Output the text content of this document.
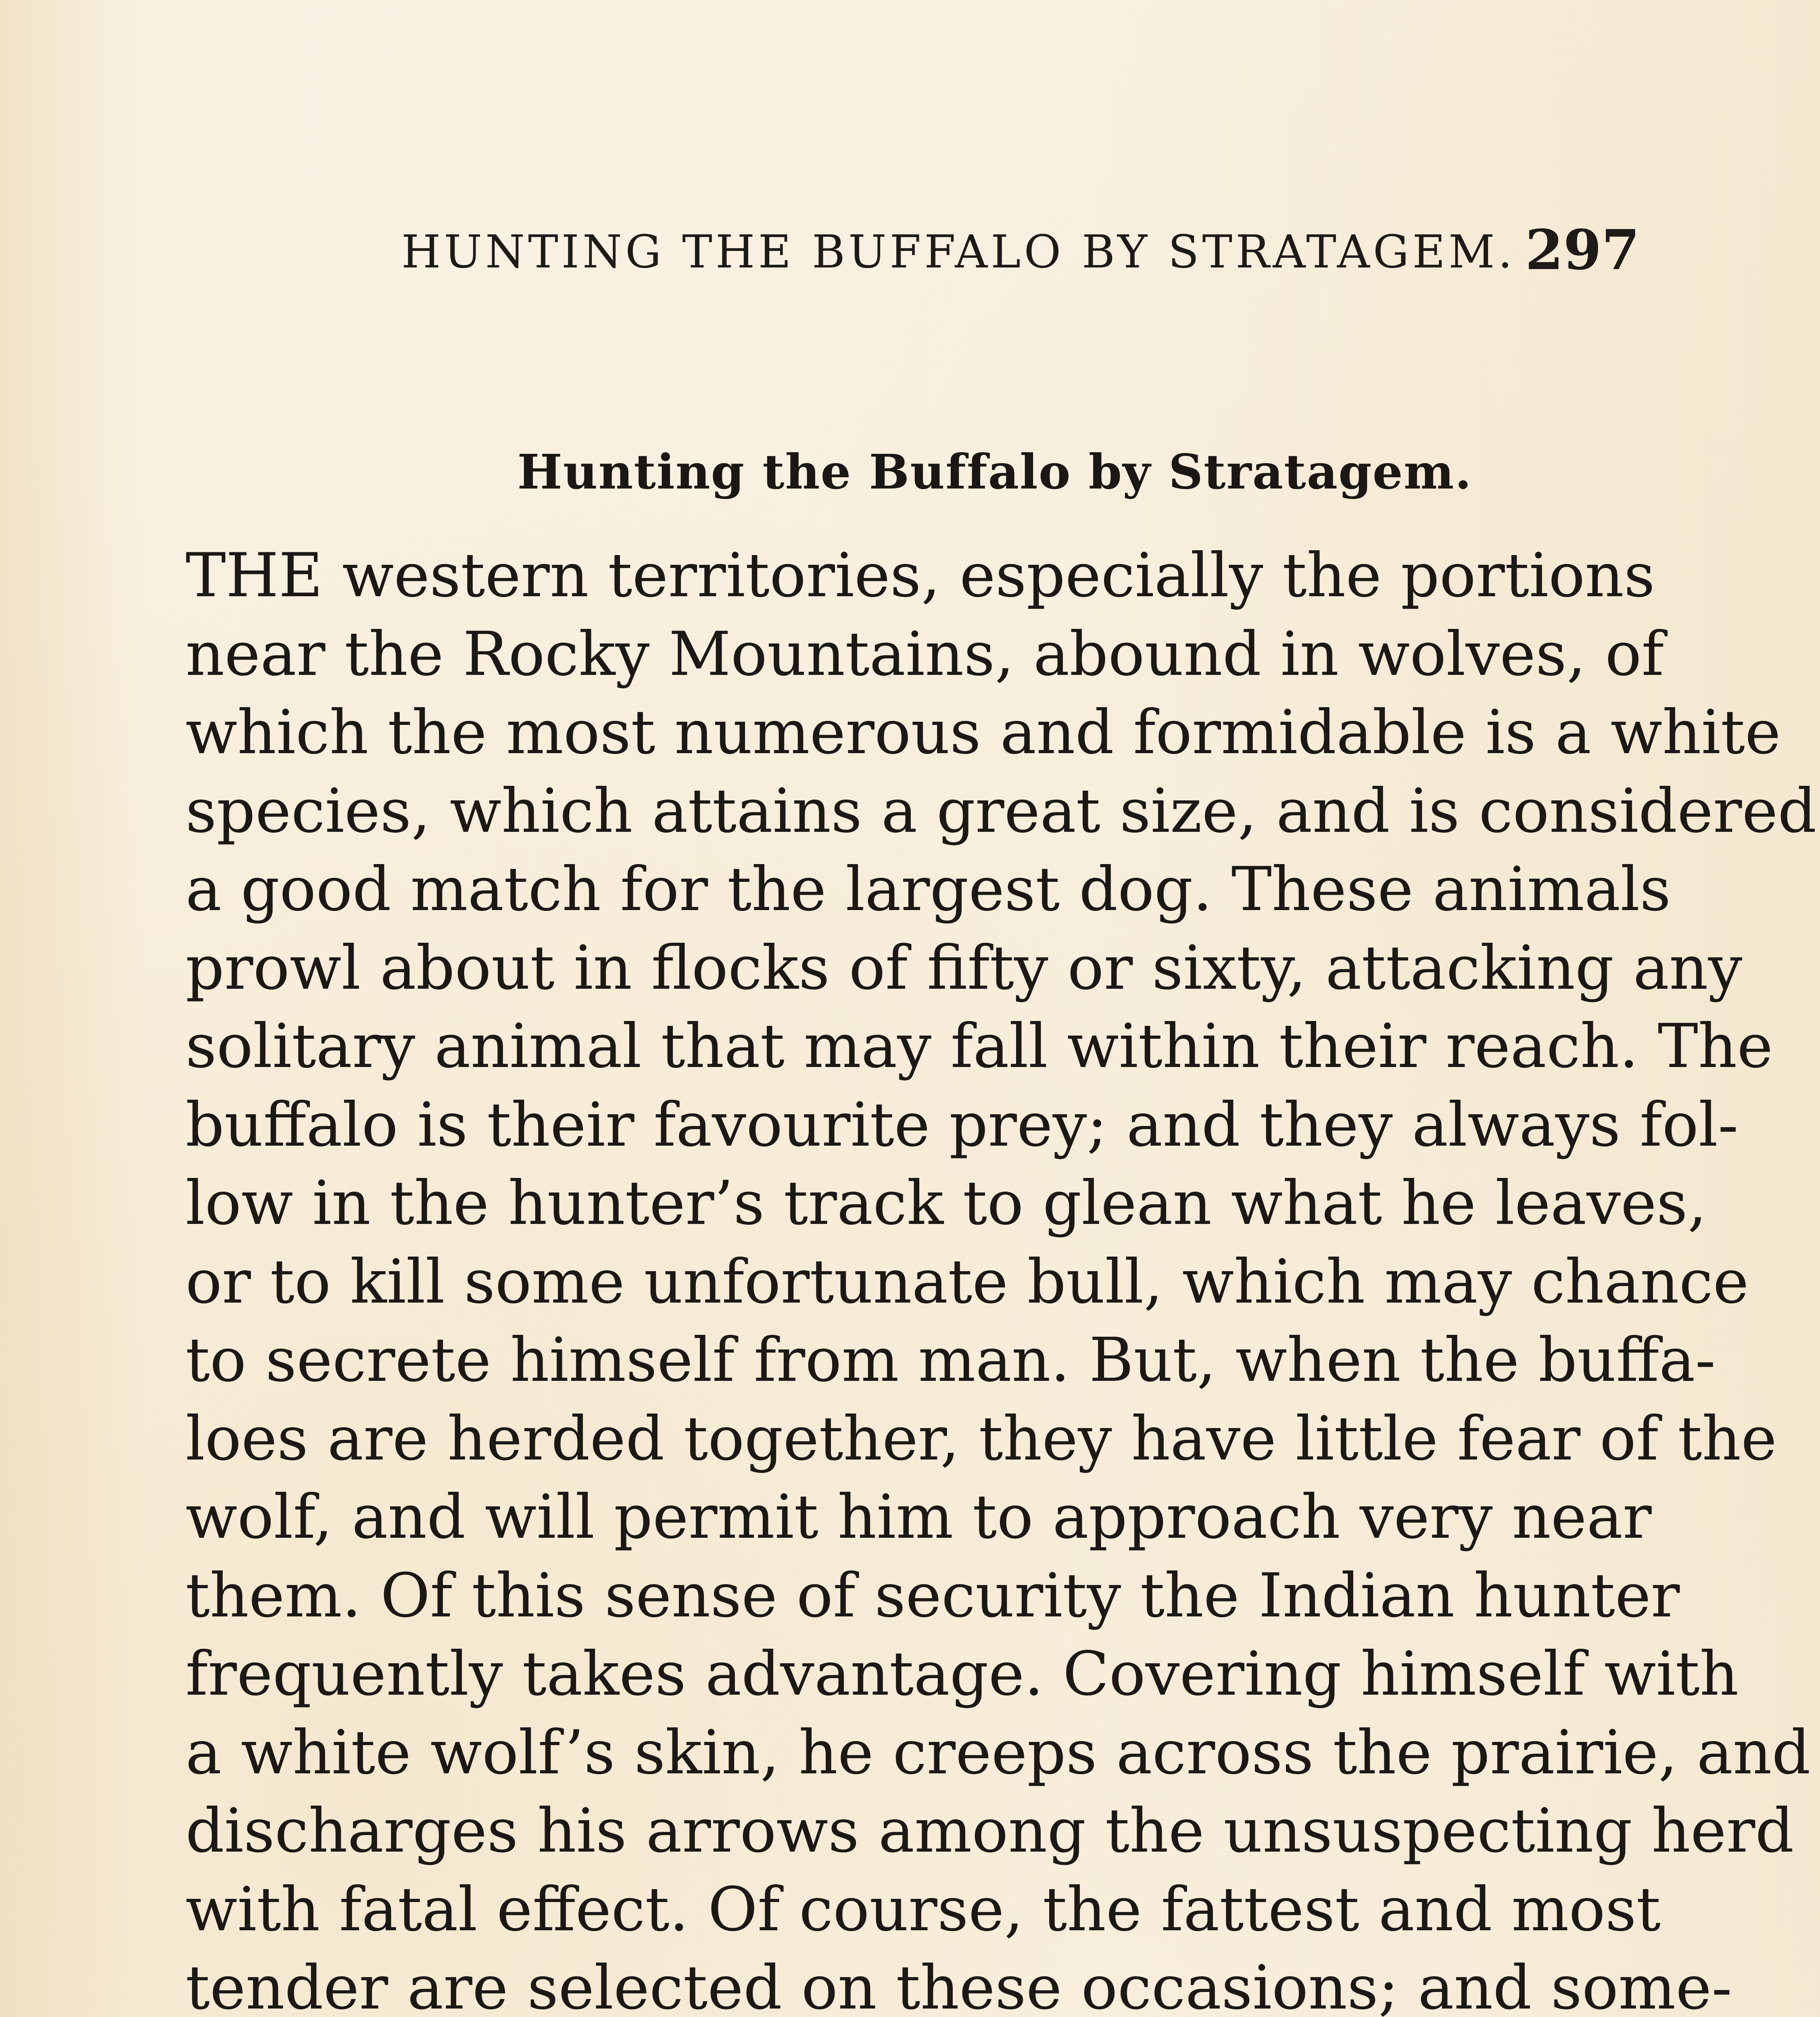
HUNTING THE BUFFALO BY STRATAGEM. 297
Hunting the Buffalo by Stratagem.
THE western territories, especially the portions
near the Rocky Mountains, abound in wolves, of
which the most numerous and formidable is a white
species, which attains a great size, and is considered
a good match for the largest dog. These animals
prowl about in flocks of fifty or sixty, attacking any
solitary animal that may fall within their reach. The
buffalo is their favourite prey; and they always fol-
low in the hunter’s track to glean what he leaves,
or to kill some unfortunate bull, which may chance
to secrete himself from man. But, when the buffa-
loes are herded together, they have little fear of the
wolf, and will permit him to approach very near
them. Of this sense of security the Indian hunter
frequently takes advantage. Covering himself with
a white wolf’s skin, he creeps across the prairie, and
discharges his arrows among the unsuspecting herd
with fatal effect. Of course, the fattest and most
tender are selected on these occasions; and some-
